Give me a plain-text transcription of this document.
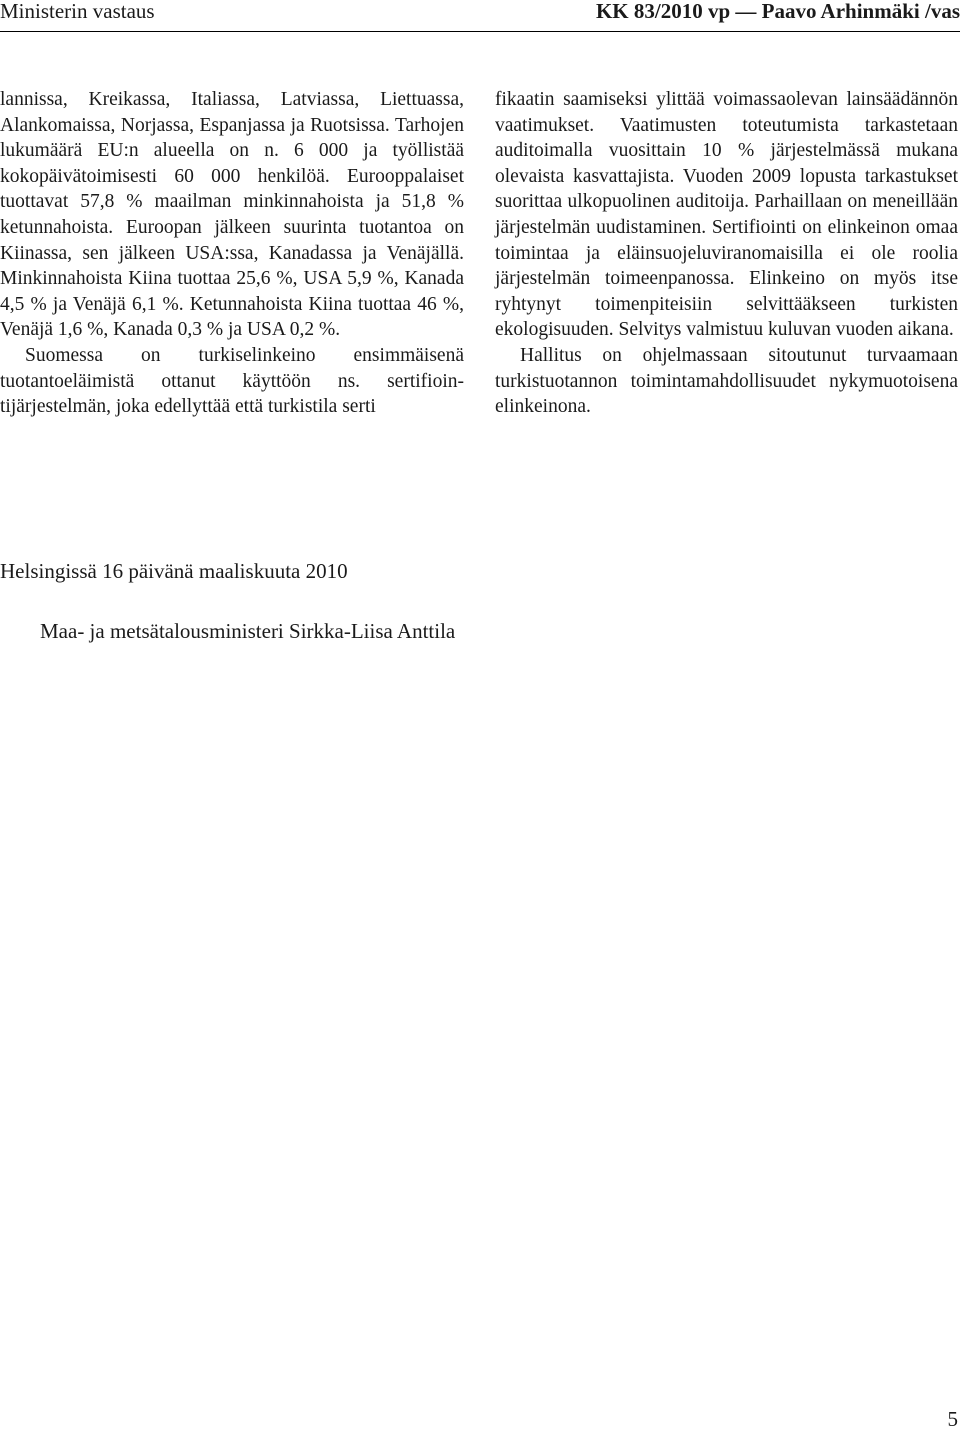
Ministerin vastaus	KK 83/2010 vp — Paavo Arhinmäki /vas

lannissa, Kreikassa, Italiassa, Latviassa, Liettuassa, Alankomaissa, Norjassa, Espanjassa ja Ruotsissa. Tarhojen lukumäärä EU:n alueella on n. 6 000 ja työllistää kokopäivätoimisesti 60 000 henkilöä. Eurooppalaiset tuottavat 57,8 % maailman minkinnahoista ja 51,8 % ketunnahoista. Euroopan jälkeen suurinta tuotantoa on Kiinassa, sen jälkeen USA:ssa, Kanadassa ja Venäjällä. Minkinnahoista Kiina tuottaa 25,6 %, USA 5,9 %, Kanada 4,5 % ja Venäjä 6,1 %. Ketunnahoista Kiina tuottaa 46 %, Venäjä 1,6 %, Kanada 0,3 % ja USA 0,2 %.

Suomessa on turkiselinkeino ensimmäisenä tuotantoeläimistä ottanut käyttöön ns. sertifiointijärjestelmän, joka edellyttää että turkistila serti

fikaatin saamiseksi ylittää voimassaolevan lainsäädännön vaatimukset. Vaatimusten toteutumista tarkastetaan auditoimalla vuosittain 10 % järjestelmässä mukana olevaista kasvattajista. Vuoden 2009 lopusta tarkastukset suorittaa ulkopuolinen auditoija. Parhaillaan on meneillään järjestelmän uudistaminen. Sertifiointi on elinkeinon omaa toimintaa ja eläinsuojeluviranomaisilla ei ole roolia järjestelmän toimeenpanossa. Elinkeino on myös itse ryhtynyt toimenpiteisiin selvittääkseen turkisten ekologisuuden. Selvitys valmistuu kuluvan vuoden aikana.

Hallitus on ohjelmassaan sitoutunut turvaamaan turkistuotannon toimintamahdollisuudet nykymuotoisena elinkeinona.

Helsingissä 16 päivänä maaliskuuta 2010
Maa- ja metsätalousministeri Sirkka-Liisa Anttila
5
